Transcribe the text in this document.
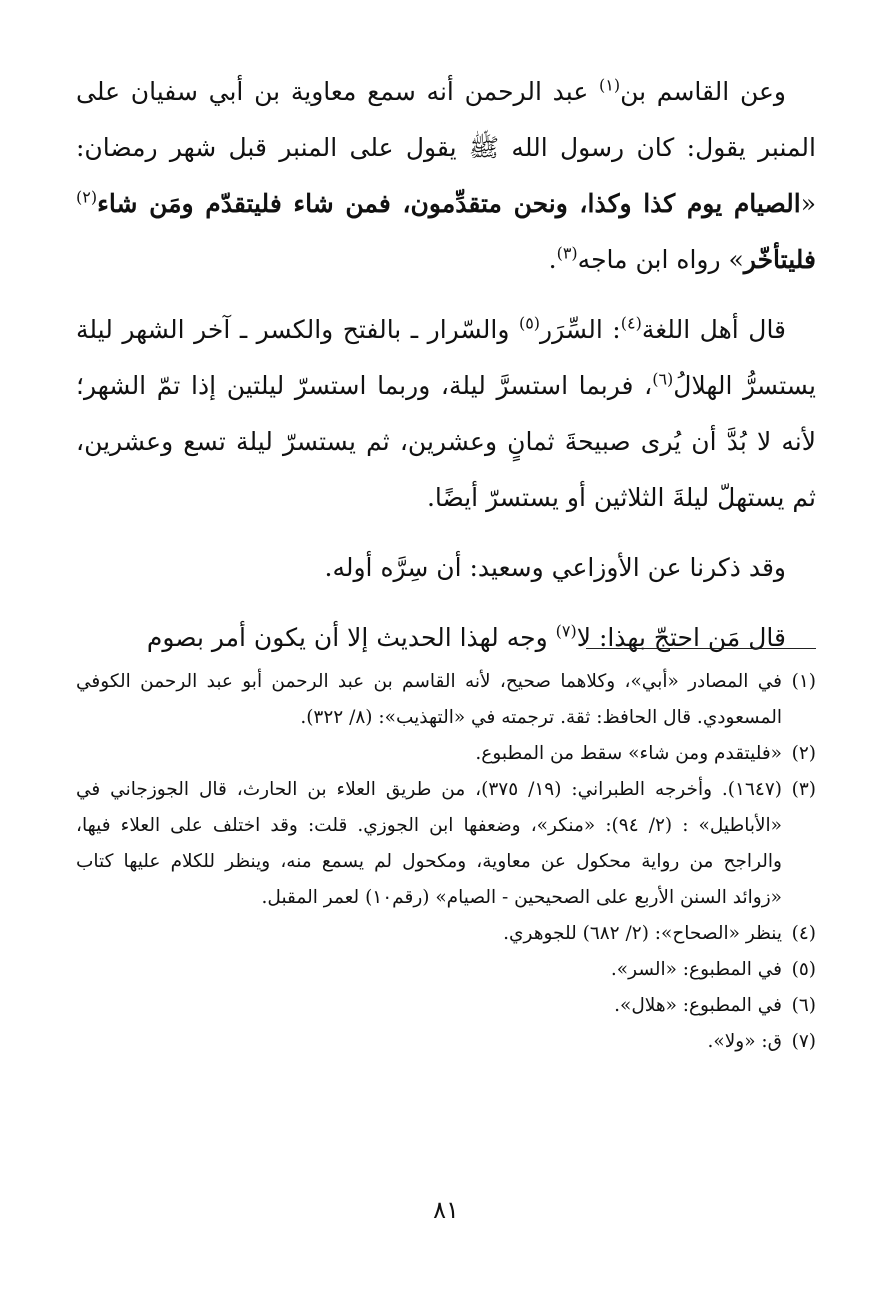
وعن القاسم بن$^{(١)}$ عبد الرحمن أنه سمع معاوية بن أبي سفيان على المنبر يقول: كان رسول الله ﷺ يقول على المنبر قبل شهر رمضان: «الصيام يوم كذا وكذا، ونحن متقدِّمون، فمن شاء فليتقدّم ومَن شاء$^{(٢)}$ فليتأخّر» رواه ابن ماجه$^{(٣)}$.

قال أهل اللغة$^{(٤)}$: السِّرَر$^{(٥)}$ والسّرار ـ بالفتح والكسر ـ آخر الشهر ليلة يستسرُّ الهلالُ$^{(٦)}$، فربما استسرَّ ليلة، وربما استسرّ ليلتين إذا تمّ الشهر؛ لأنه لا بُدَّ أن يُرى صبيحةَ ثمانٍ وعشرين، ثم يستسرّ ليلة تسع وعشرين، ثم يستهلّ ليلةَ الثلاثين أو يستسرّ أيضًا.

وقد ذكرنا عن الأوزاعي وسعيد: أن سِرَّه أوله.

قال مَن احتجّ بهذا: لا$^{(٧)}$ وجه لهذا الحديث إلا أن يكون أمر بصوم

(١)
في المصادر «أبي»، وكلاهما صحيح، لأنه القاسم بن عبد الرحمن أبو عبد الرحمن الكوفي المسعودي. قال الحافظ: ثقة. ترجمته في «التهذيب»: (٨/ ٣٢٢).
(٢)
«فليتقدم ومن شاء» سقط من المطبوع.
(٣)
(١٦٤٧). وأخرجه الطبراني: (١٩/ ٣٧٥)، من طريق العلاء بن الحارث، قال الجوزجاني في «الأباطيل» : (٢/ ٩٤): «منكر»، وضعفها ابن الجوزي. قلت: وقد اختلف على العلاء فيها، والراجح من رواية محكول عن معاوية، ومكحول لم يسمع منه، وينظر للكلام عليها كتاب «زوائد السنن الأربع على الصحيحين - الصيام» (رقم١٠) لعمر المقبل.
(٤)
ينظر «الصحاح»: (٢/ ٦٨٢) للجوهري.
(٥)
في المطبوع: «السر».
(٦)
في المطبوع: «هلال».
(٧)
ق: «ولا».
٨١
